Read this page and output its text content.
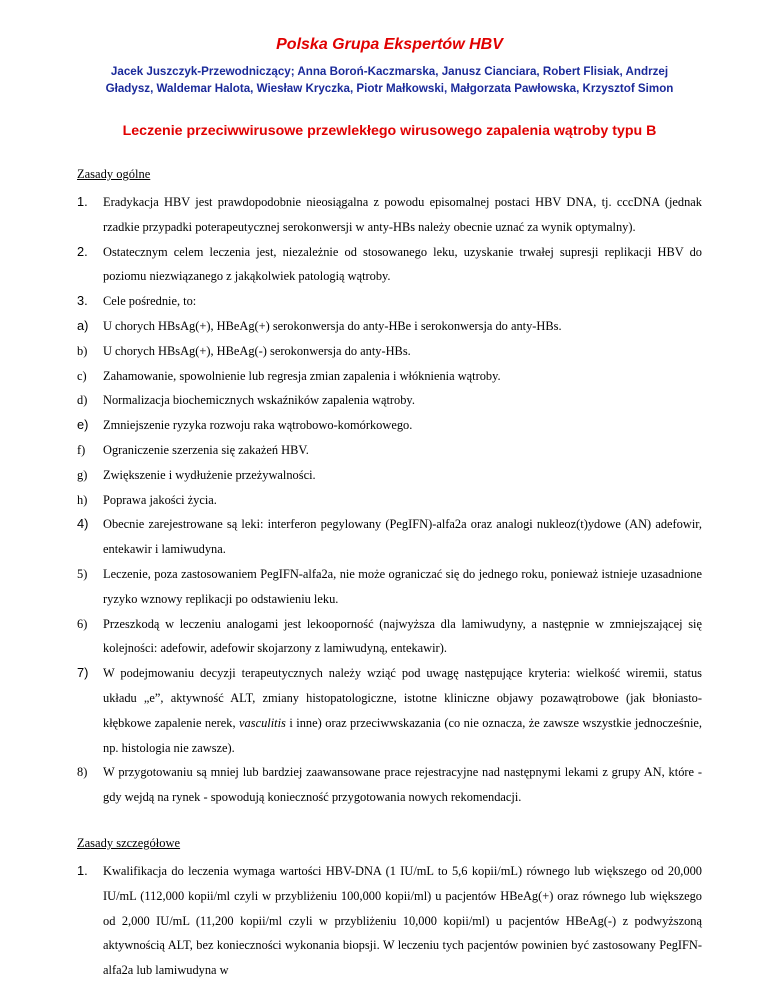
Polska Grupa Ekspertów HBV
Jacek Juszczyk-Przewodniczący; Anna Boroń-Kaczmarska, Janusz Cianciara, Robert Flisiak, Andrzej
Gładysz, Waldemar Halota, Wiesław Kryczka, Piotr Małkowski, Małgorzata Pawłowska, Krzysztof Simon
Leczenie przeciwwirusowe przewlekłego wirusowego zapalenia wątroby typu B
Zasady ogólne
1. Eradykacja HBV jest prawdopodobnie nieosiągalna z powodu episomalnej postaci HBV DNA, tj. cccDNA (jednak rzadkie przypadki poterapeutycznej serokonwersji w anty-HBs należy obecnie uznać za wynik optymalny).
2. Ostatecznym celem leczenia jest, niezależnie od stosowanego leku, uzyskanie trwałej supresji replikacji HBV do poziomu niezwiązanego z jakąkolwiek patologią wątroby.
3. Cele pośrednie, to:
a) U chorych HBsAg(+), HBeAg(+) serokonwersja do anty-HBe i serokonwersja do anty-HBs.
b) U chorych HBsAg(+), HBeAg(-) serokonwersja do anty-HBs.
c) Zahamowanie, spowolnienie lub regresja zmian zapalenia i włóknienia wątroby.
d) Normalizacja biochemicznych wskaźników zapalenia wątroby.
e) Zmniejszenie ryzyka rozwoju raka wątrobowo-komórkowego.
f) Ograniczenie szerzenia się zakażeń HBV.
g) Zwiększenie i wydłużenie przeżywalności.
h) Poprawa jakości życia.
4) Obecnie zarejestrowane są leki: interferon pegylowany (PegIFN)-alfa2a oraz analogi nukleoz(t)ydowe (AN) adefowir, entekawir i lamiwudyna.
5) Leczenie, poza zastosowaniem PegIFN-alfa2a, nie może ograniczać się do jednego roku, ponieważ istnieje uzasadnione ryzyko wznowy replikacji po odstawieniu leku.
6) Przeszkodą w leczeniu analogami jest lekooporność (najwyższa dla lamiwudyny, a następnie w zmniejszającej się kolejności: adefowir, adefowir skojarzony z lamiwudyną, entekawir).
7) W podejmowaniu decyzji terapeutycznych należy wziąć pod uwagę następujące kryteria: wielkość wiremii, status układu „e”, aktywność ALT, zmiany histopatologiczne, istotne kliniczne objawy pozawątrobowe (jak błoniasto-kłębkowe zapalenie nerek, vasculitis i inne) oraz przeciwwskazania (co nie oznacza, że zawsze wszystkie jednocześnie, np. histologia nie zawsze).
8) W przygotowaniu są mniej lub bardziej zaawansowane prace rejestracyjne nad następnymi lekami z grupy AN, które - gdy wejdą na rynek - spowodują konieczność przygotowania nowych rekomendacji.
Zasady szczegółowe
1. Kwalifikacja do leczenia wymaga wartości HBV-DNA (1 IU/mL to 5,6 kopii/mL) równego lub większego od 20,000 IU/mL (112,000 kopii/ml czyli w przybliżeniu 100,000 kopii/ml) u pacjentów HBeAg(+) oraz równego lub większego od 2,000 IU/mL (11,200 kopii/ml czyli w przybliżeniu 10,000 kopii/ml) u pacjentów HBeAg(-) z podwyższoną aktywnością ALT, bez konieczności wykonania biopsji. W leczeniu tych pacjentów powinien być zastosowany PegIFN-alfa2a lub lamiwudyna w
